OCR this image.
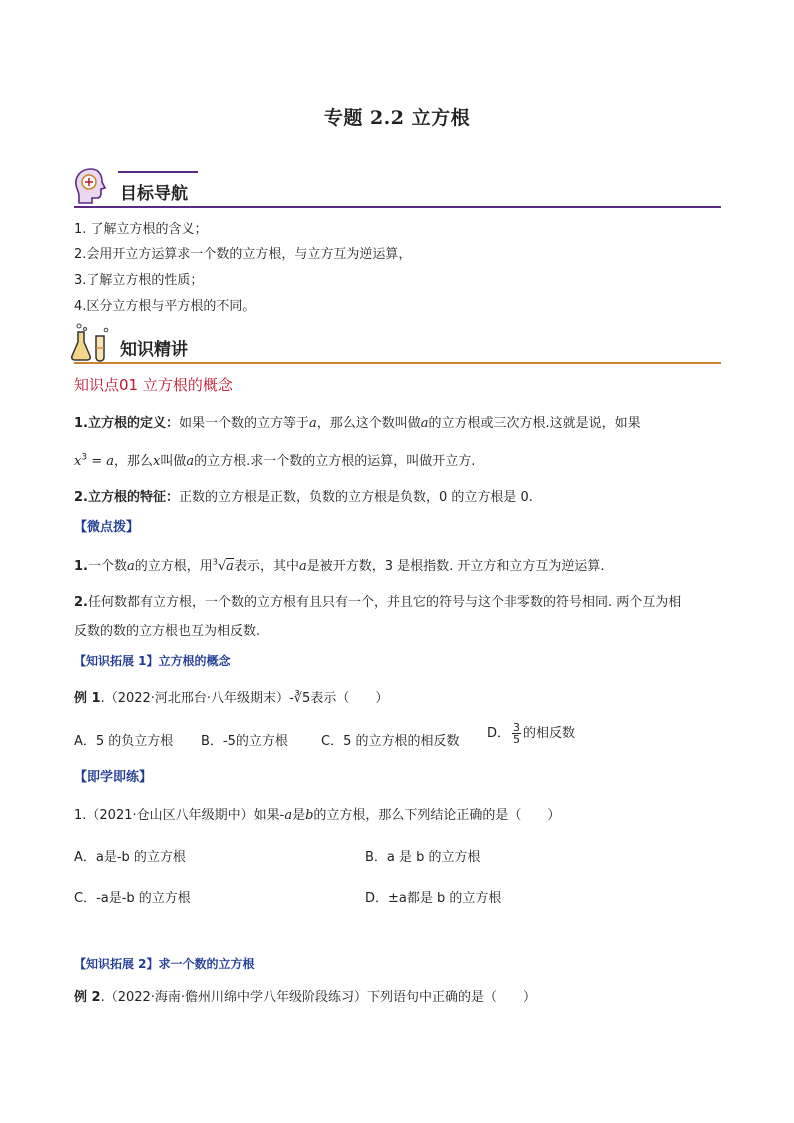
专题 2.2 立方根
目标导航
1. 了解立方根的含义；
2.会用开立方运算求一个数的立方根，与立方互为逆运算，
3.了解立方根的性质；
4.区分立方根与平方根的不同。
知识精讲
知识点01 立方根的概念
1.立方根的定义：如果一个数的立方等于a，那么这个数叫做a的立方根或三次方根.这就是说，如果
$x^3 = a$，那么x叫做a的立方根.求一个数的立方根的运算，叫做开立方.
2.立方根的特征：正数的立方根是正数，负数的立方根是负数，0 的立方根是 0.
【微点拨】
1.一个数a的立方根，用$^3$√a表示，其中a是被开方数，3 是根指数. 开立方和立方互为逆运算.
2.任何数都有立方根，一个数的立方根有且只有一个，并且它的符号与这个非零数的符号相同. 两个互为相
反数的数的立方根也互为相反数.
【知识拓展 1】立方根的概念
例 1.（2022·河北邢台·八年级期末）-∛5表示（　　）
A．5 的负立方根 B．-5的立方根	C．5 的立方根的相反数
D． $\frac{3}{5}$ 的相反数
【即学即练】
1.（2021·仓山区八年级期中）如果-a是b的立方根，那么下列结论正确的是（　　）
A．a是-b 的立方根	B．a 是 b 的立方根
C．-a是-b 的立方根	D．±a都是 b 的立方根
【知识拓展 2】求一个数的立方根
例 2.（2022·海南·儋州川绵中学八年级阶段练习）下列语句中正确的是（　　）
